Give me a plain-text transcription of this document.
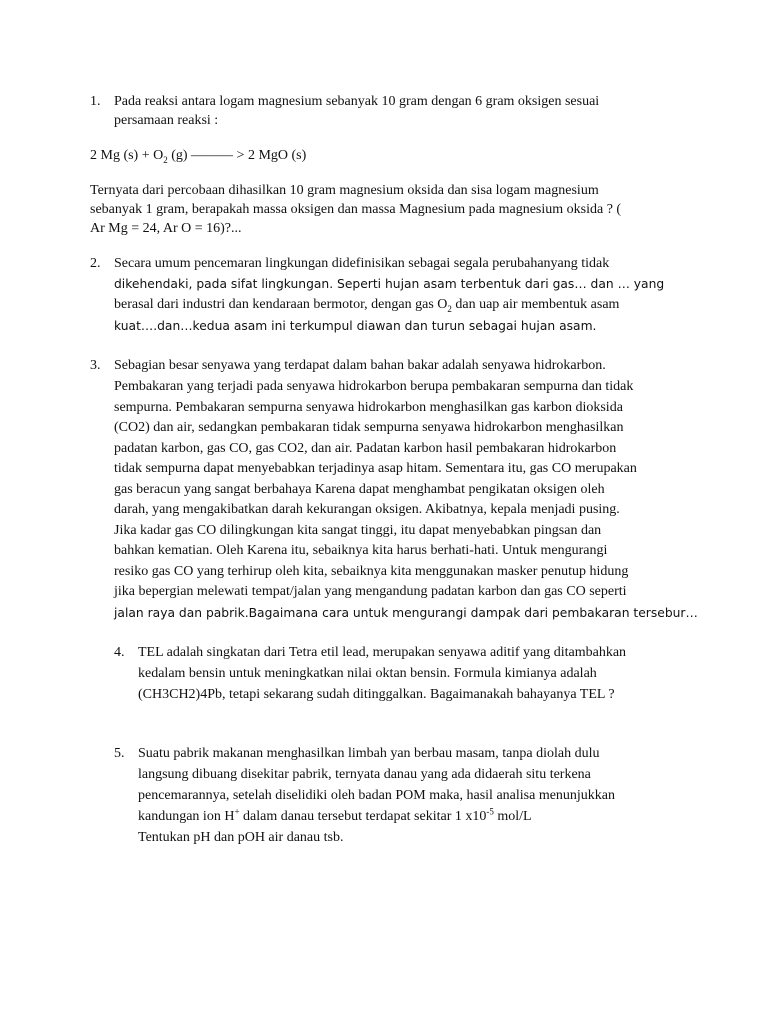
1. Pada reaksi antara logam magnesium sebanyak 10 gram dengan 6 gram oksigen sesuai
persamaan reaksi :
2 Mg $(s) + O_2$ (g) ——— > 2 MgO (s)
Ternyata dari percobaan dihasilkan 10 gram magnesium oksida dan sisa logam magnesium
sebanyak 1 gram, berapakah massa oksigen dan massa Magnesium pada magnesium oksida ? (
Ar Mg = 24, Ar O = 16)?...
2. Secara umum pencemaran lingkungan didefinisikan sebagai segala perubahanyang tidak
dikehendaki, pada sifat lingkungan. Seperti hujan asam terbentuk dari gas… dan … yang
berasal dari industri dan kendaraan bermotor, dengan gas $O_2$ dan uap air membentuk asam
kuat….dan…kedua asam ini terkumpul diawan dan turun sebagai hujan asam.
3. Sebagian besar senyawa yang terdapat dalam bahan bakar adalah senyawa hidrokarbon.
Pembakaran yang terjadi pada senyawa hidrokarbon berupa pembakaran sempurna dan tidak
sempurna. Pembakaran sempurna senyawa hidrokarbon menghasilkan gas karbon dioksida
(CO2) dan air, sedangkan pembakaran tidak sempurna senyawa hidrokarbon menghasilkan
padatan karbon, gas CO, gas CO2, dan air. Padatan karbon hasil pembakaran hidrokarbon
tidak sempurna dapat menyebabkan terjadinya asap hitam. Sementara itu, gas CO merupakan
gas beracun yang sangat berbahaya Karena dapat menghambat pengikatan oksigen oleh
darah, yang mengakibatkan darah kekurangan oksigen. Akibatnya, kepala menjadi pusing.
Jika kadar gas CO dilingkungan kita sangat tinggi, itu dapat menyebabkan pingsan dan
bahkan kematian. Oleh Karena itu, sebaiknya kita harus berhati-hati. Untuk mengurangi
resiko gas CO yang terhirup oleh kita, sebaiknya kita menggunakan masker penutup hidung
jika bepergian melewati tempat/jalan yang mengandung padatan karbon dan gas CO seperti
jalan raya dan pabrik.Bagaimana cara untuk mengurangi dampak dari pembakaran tersebur…
4. TEL adalah singkatan dari Tetra etil lead, merupakan senyawa aditif yang ditambahkan
kedalam bensin untuk meningkatkan nilai oktan bensin. Formula kimianya adalah
(CH3CH2)4Pb, tetapi sekarang sudah ditinggalkan. Bagaimanakah bahayanya TEL ?
5. Suatu pabrik makanan menghasilkan limbah yan berbau masam, tanpa diolah dulu
langsung dibuang disekitar pabrik, ternyata danau yang ada didaerah situ terkena
pencemarannya, setelah diselidiki oleh badan POM maka, hasil analisa menunjukkan
kandungan ion H+ dalam danau tersebut terdapat sekitar 1 $x10^{-5}$ mol/L
Tentukan pH dan pOH air danau tsb.
